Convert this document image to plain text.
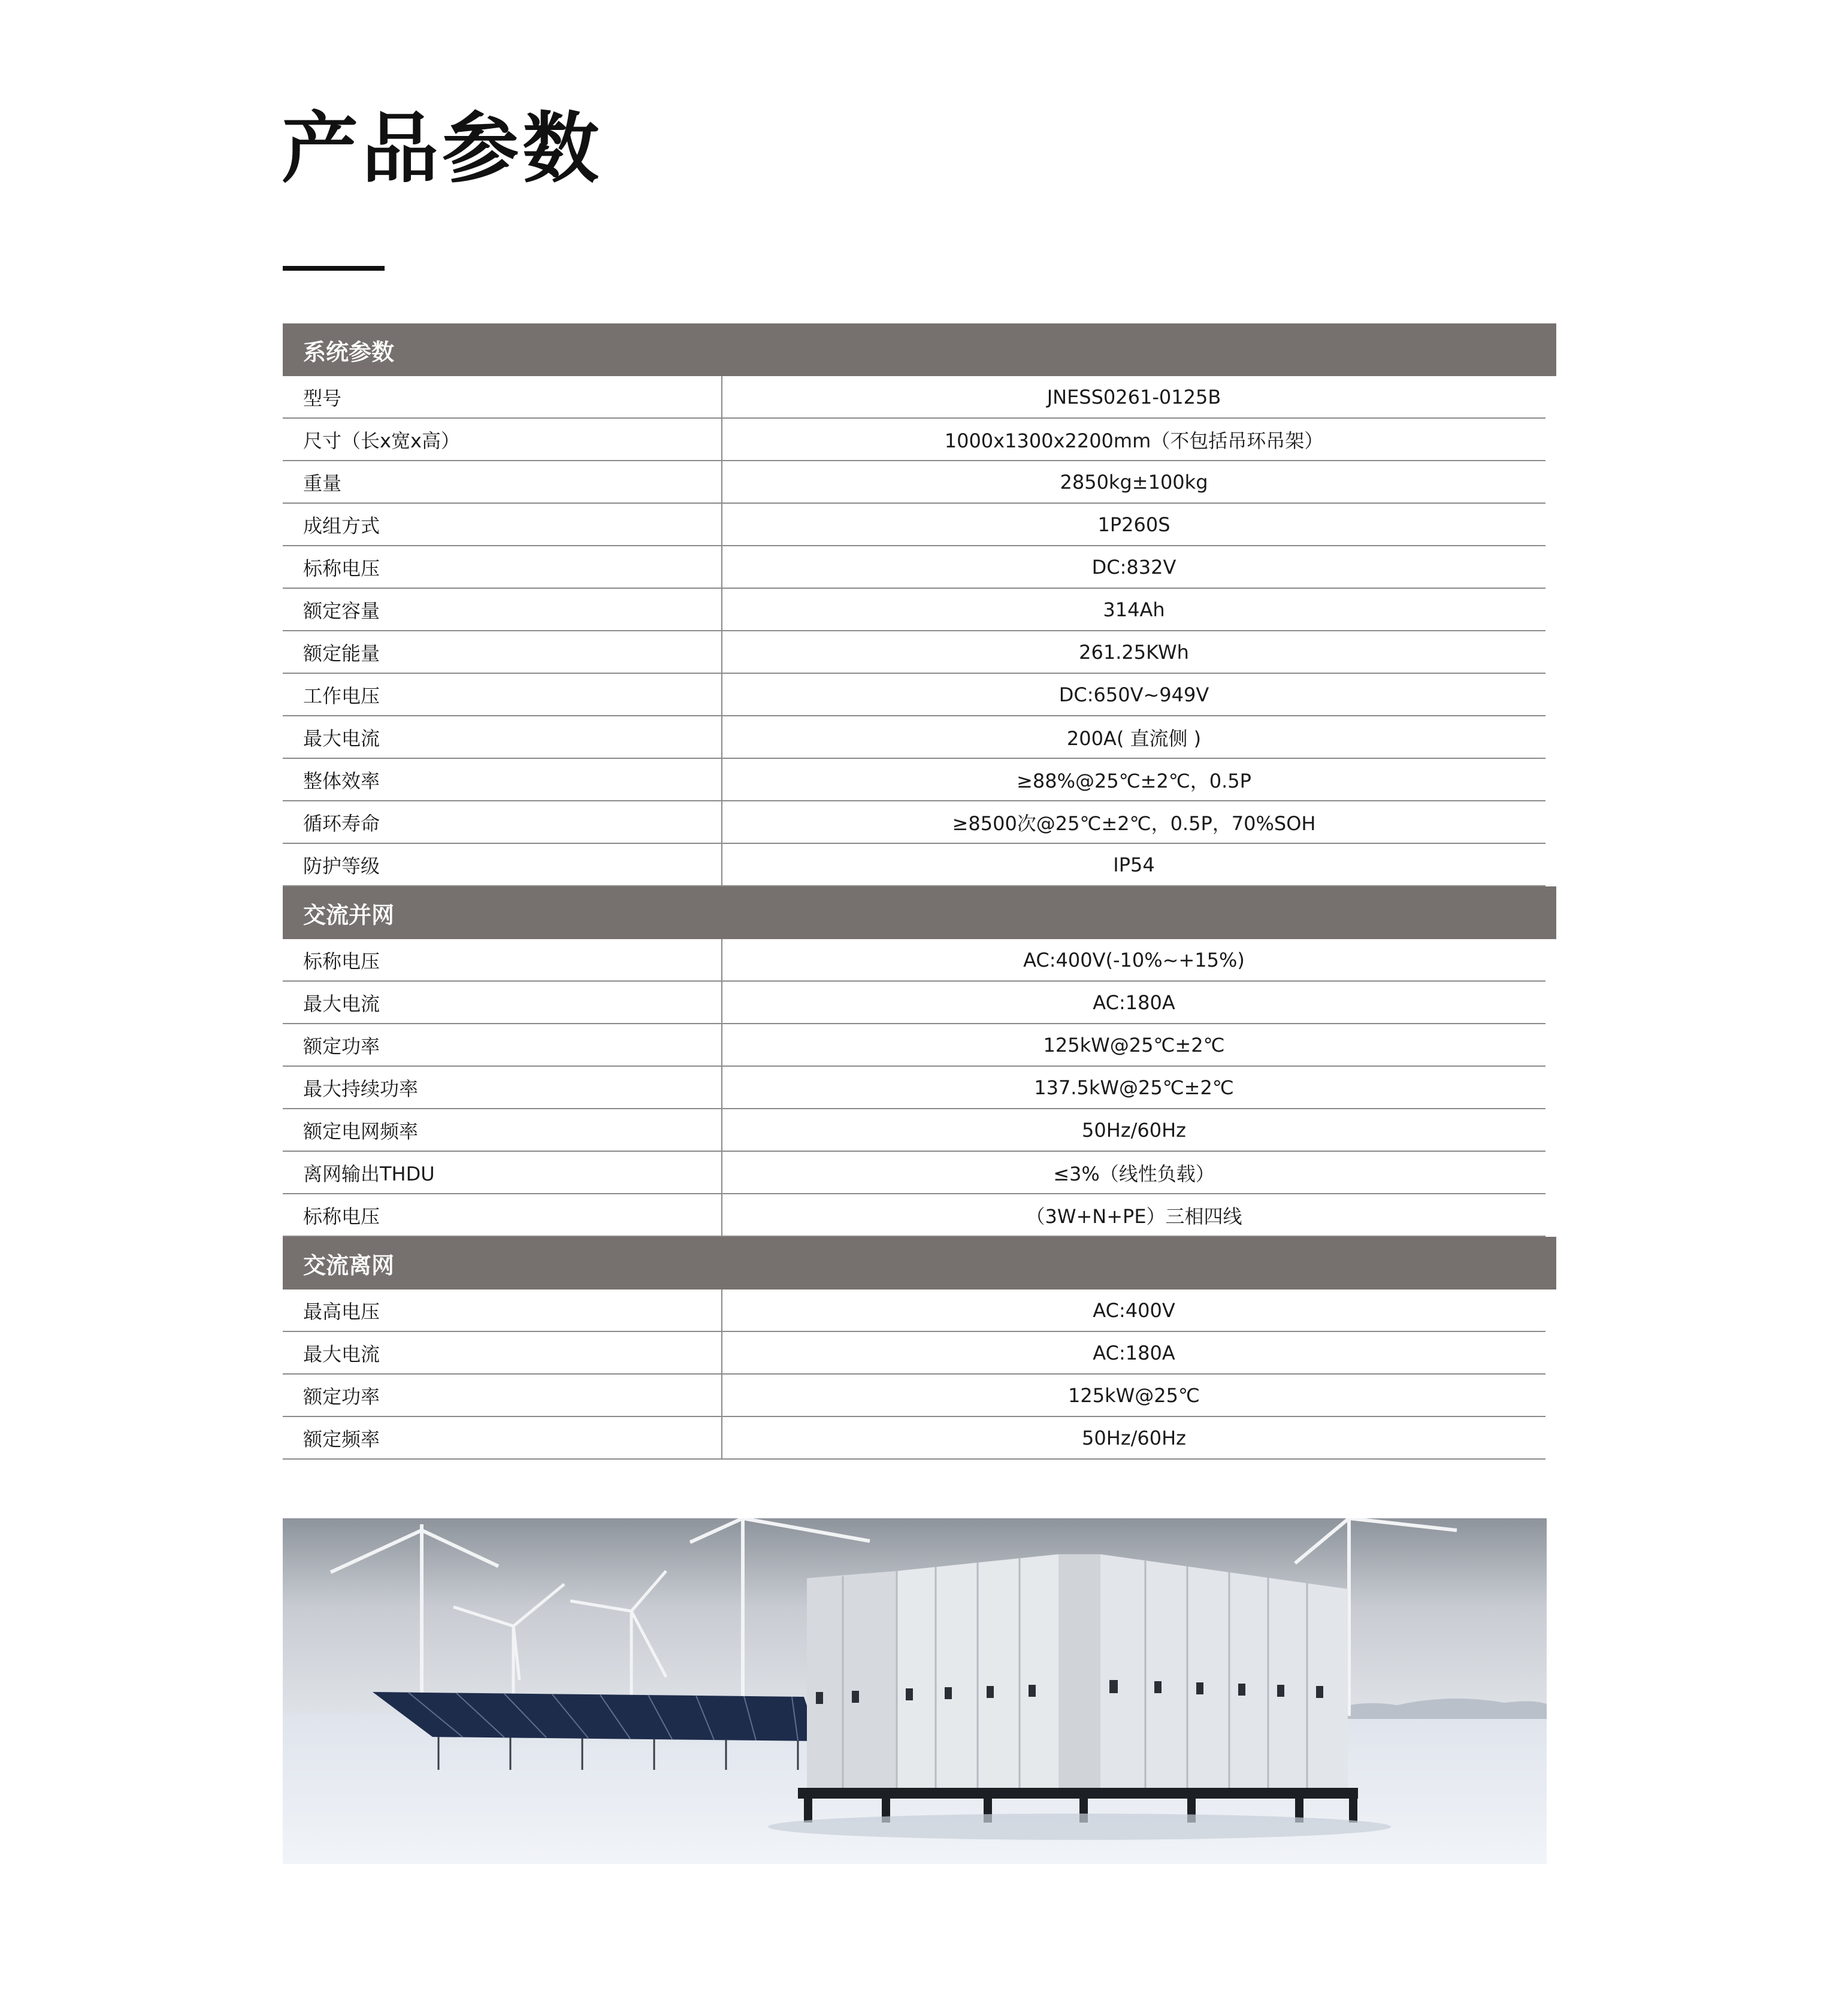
产品参数
系统参数
型号	JNESS0261-0125B
尺寸（长x宽x高）	1000x1300x2200mm（不包括吊环吊架）
重量	2850kg±100kg
成组方式	1P260S
标称电压	DC:832V
额定容量	314Ah
额定能量	261.25KWh
工作电压	DC:650V~949V
最大电流	200A( 直流侧 )
整体效率	≥88%@25℃±2℃，0.5P
循环寿命	≥8500次@25℃±2℃，0.5P，70%SOH
防护等级	IP54
交流并网
标称电压	AC:400V(-10%~+15%)
最大电流	AC:180A
额定功率	125kW@25℃±2℃
最大持续功率	137.5kW@25℃±2℃
额定电网频率	50Hz/60Hz
离网输出THDU	≤3%（线性负载）
标称电压	（3W+N+PE）三相四线
交流离网
最高电压	AC:400V
最大电流	AC:180A
额定功率	125kW@25℃
额定频率	50Hz/60Hz
